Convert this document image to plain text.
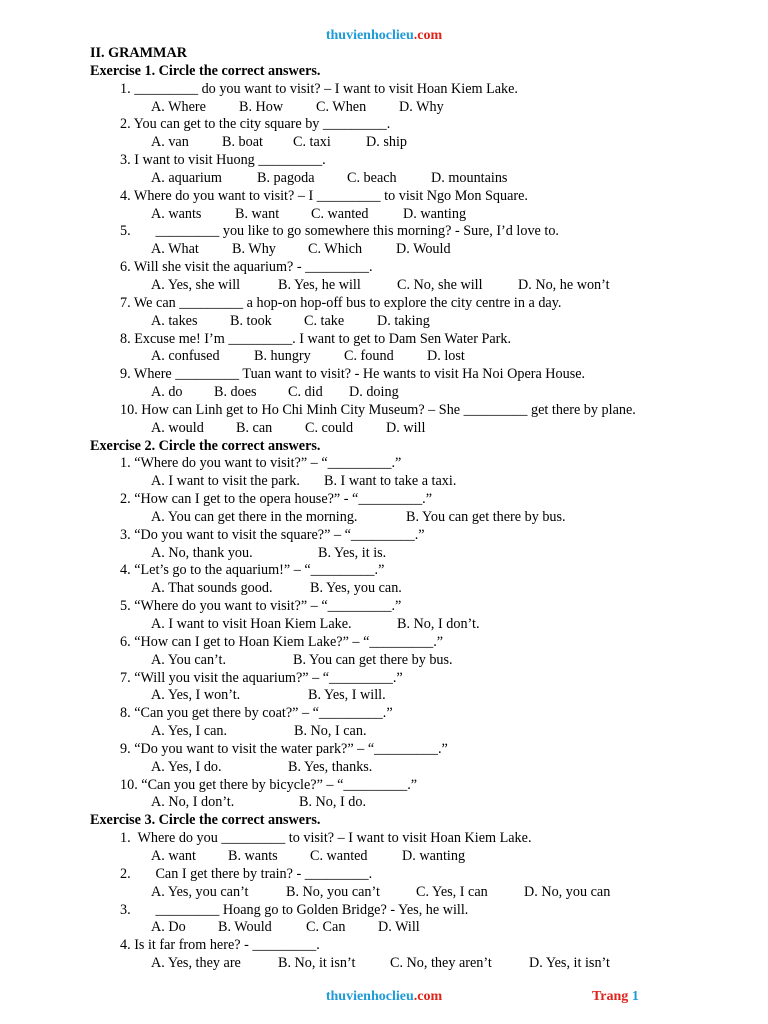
thuvienhoclieu.com
II. GRAMMAR
Exercise 1. Circle the correct answers.
1. _________ do you want to visit? – I want to visit Hoan Kiem Lake.
A. Where B. How C. When D. Why
2. You can get to the city square by _________.
A. van B. boat C. taxi D. ship
3. I want to visit Huong _________.
A. aquarium B. pagoda C. beach D. mountains
4. Where do you want to visit? – I _________ to visit Ngo Mon Square.
A. wants B. want C. wanted D. wanting
5.       _________ you like to go somewhere this morning? - Sure, I’d love to.
A. What B. Why C. Which D. Would
6. Will she visit the aquarium? - _________.
A. Yes, she will	B. Yes, he will	C. No, she will D. No, he won’t
7. We can _________ a hop-on hop-off bus to explore the city centre in a day.
A. takes B. took C. take D. taking
8. Excuse me! I’m _________. I want to get to Dam Sen Water Park.
A. confused B. hungry C. found D. lost
9. Where _________ Tuan want to visit? - He wants to visit Ha Noi Opera House.
A. do B. does C. did D. doing
10. How can Linh get to Ho Chi Minh City Museum? – She _________ get there by plane.
A. would B. can C. could D. will
Exercise 2. Circle the correct answers.
1. “Where do you want to visit?” – “_________.”
A. I want to visit the park. B. I want to take a taxi.
2. “How can I get to the opera house?” - “_________.”
A. You can get there in the morning.	B. You can get there by bus.
3. “Do you want to visit the square?” – “_________.”
A. No, thank you.	B. Yes, it is.
4. “Let’s go to the aquarium!” – “_________.”
A. That sounds good.	B. Yes, you can.
5. “Where do you want to visit?” – “_________.”
A. I want to visit Hoan Kiem Lake.	B. No, I don’t.
6. “How can I get to Hoan Kiem Lake?” – “_________.”
A. You can’t.	B. You can get there by bus.
7. “Will you visit the aquarium?” – “_________.”
A. Yes, I won’t.	B. Yes, I will.
8. “Can you get there by coat?” – “_________.”
A. Yes, I can.	B. No, I can.
9. “Do you want to visit the water park?” – “_________.”
A. Yes, I do.	B. Yes, thanks.
10. “Can you get there by bicycle?” – “_________.”
A. No, I don’t.	B. No, I do.
Exercise 3. Circle the correct answers.
1.  Where do you _________ to visit? – I want to visit Hoan Kiem Lake.
A. want B. wants C. wanted D. wanting
2.       Can I get there by train? - _________.
A. Yes, you can’t	B. No, you can’t	C. Yes, I can	D. No, you can
3.       _________ Hoang go to Golden Bridge? - Yes, he will.
A. Do B. Would C. Can D. Will
4. Is it far from here? - _________.
A. Yes, they are	B. No, it isn’t C. No, they aren’t	D. Yes, it isn’t
thuvienhoclieu.com	Trang 1
